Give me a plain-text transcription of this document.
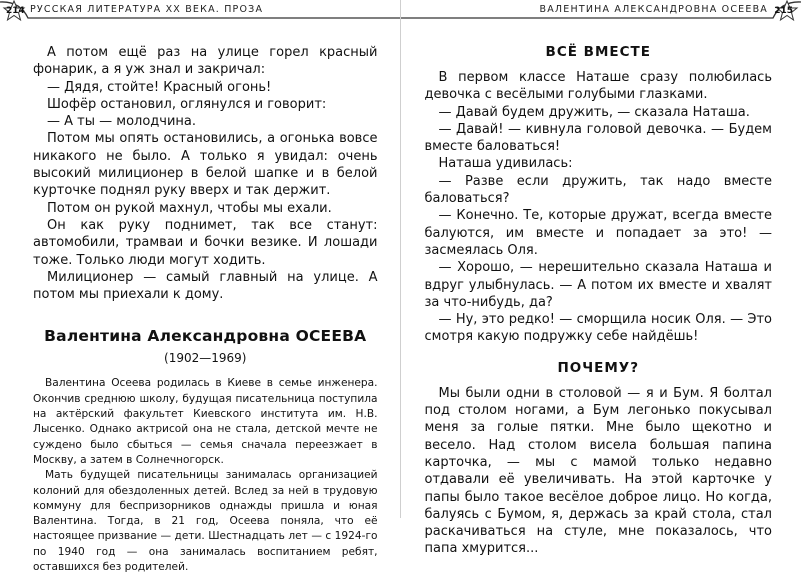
214 РУССКАЯ ЛИТЕРАТУРА XX ВЕКА. ПРОЗА

А потом ещё раз на улице горел красный фонарик, а я уж знал и закричал:

— Дядя, стойте! Красный огонь!

Шофёр остановил, оглянулся и говорит:

— А ты — молодчина.

Потом мы опять остановились, а огонька вовсе никакого не было. А только я увидал: очень высокий милиционер в белой шапке и в белой курточке поднял руку вверх и так держит.

Потом он рукой махнул, чтобы мы ехали.

Он как руку поднимет, так все станут: автомобили, трамваи и бочки везике. И лошади тоже. Только люди могут ходить.

Милиционер — самый главный на улице. А потом мы приехали к дому.

Валентина Александровна ОСЕЕВА
(1902—1969)

Валентина Осеева родилась в Киеве в семье инженера. Окончив среднюю школу, будущая писательница поступила на актёрский факультет Киевского института им. Н.В. Лысенко. Однако актрисой она не стала, детской мечте не суждено было сбыться — семья сначала переезжает в Москву, а затем в Солнечногорск.

Мать будущей писательницы занималась организацией колоний для обездоленных детей. Вслед за ней в трудовую коммуну для беспризорников однажды пришла и юная Валентина. Тогда, в 21 год, Осеева поняла, что её настоящее призвание — дети. Шестнадцать лет — с 1924-го по 1940 год — она занималась воспитанием ребят, оставшихся без родителей.

ВАЛЕНТИНА АЛЕКСАНДРОВНА ОСЕЕВА 215
ВСЁ ВМЕСТЕ

В первом классе Наташе сразу полюбилась девочка с весёлыми голубыми глазками.

— Давай будем дружить, — сказала Наташа.

— Давай! — кивнула головой девочка. — Будем вместе баловаться!

Наташа удивилась:

— Разве если дружить, так надо вместе баловаться?

— Конечно. Те, которые дружат, всегда вместе балуются, им вместе и попадает за это! — засмеялась Оля.

— Хорошо, — нерешительно сказала Наташа и вдруг улыбнулась. — А потом их вместе и хвалят за что-нибудь, да?

— Ну, это редко! — сморщила носик Оля. — Это смотря какую подружку себе найдёшь!

ПОЧЕМУ?

Мы были одни в столовой — я и Бум. Я болтал под столом ногами, а Бум легонько покусывал меня за голые пятки. Мне было щекотно и весело. Над столом висела большая папина карточка, — мы с мамой только недавно отдавали её увеличивать. На этой карточке у папы было такое весёлое доброе лицо. Но когда, балуясь с Бумом, я, держась за край стола, стал раскачиваться на стуле, мне показалось, что папа хмурится...
